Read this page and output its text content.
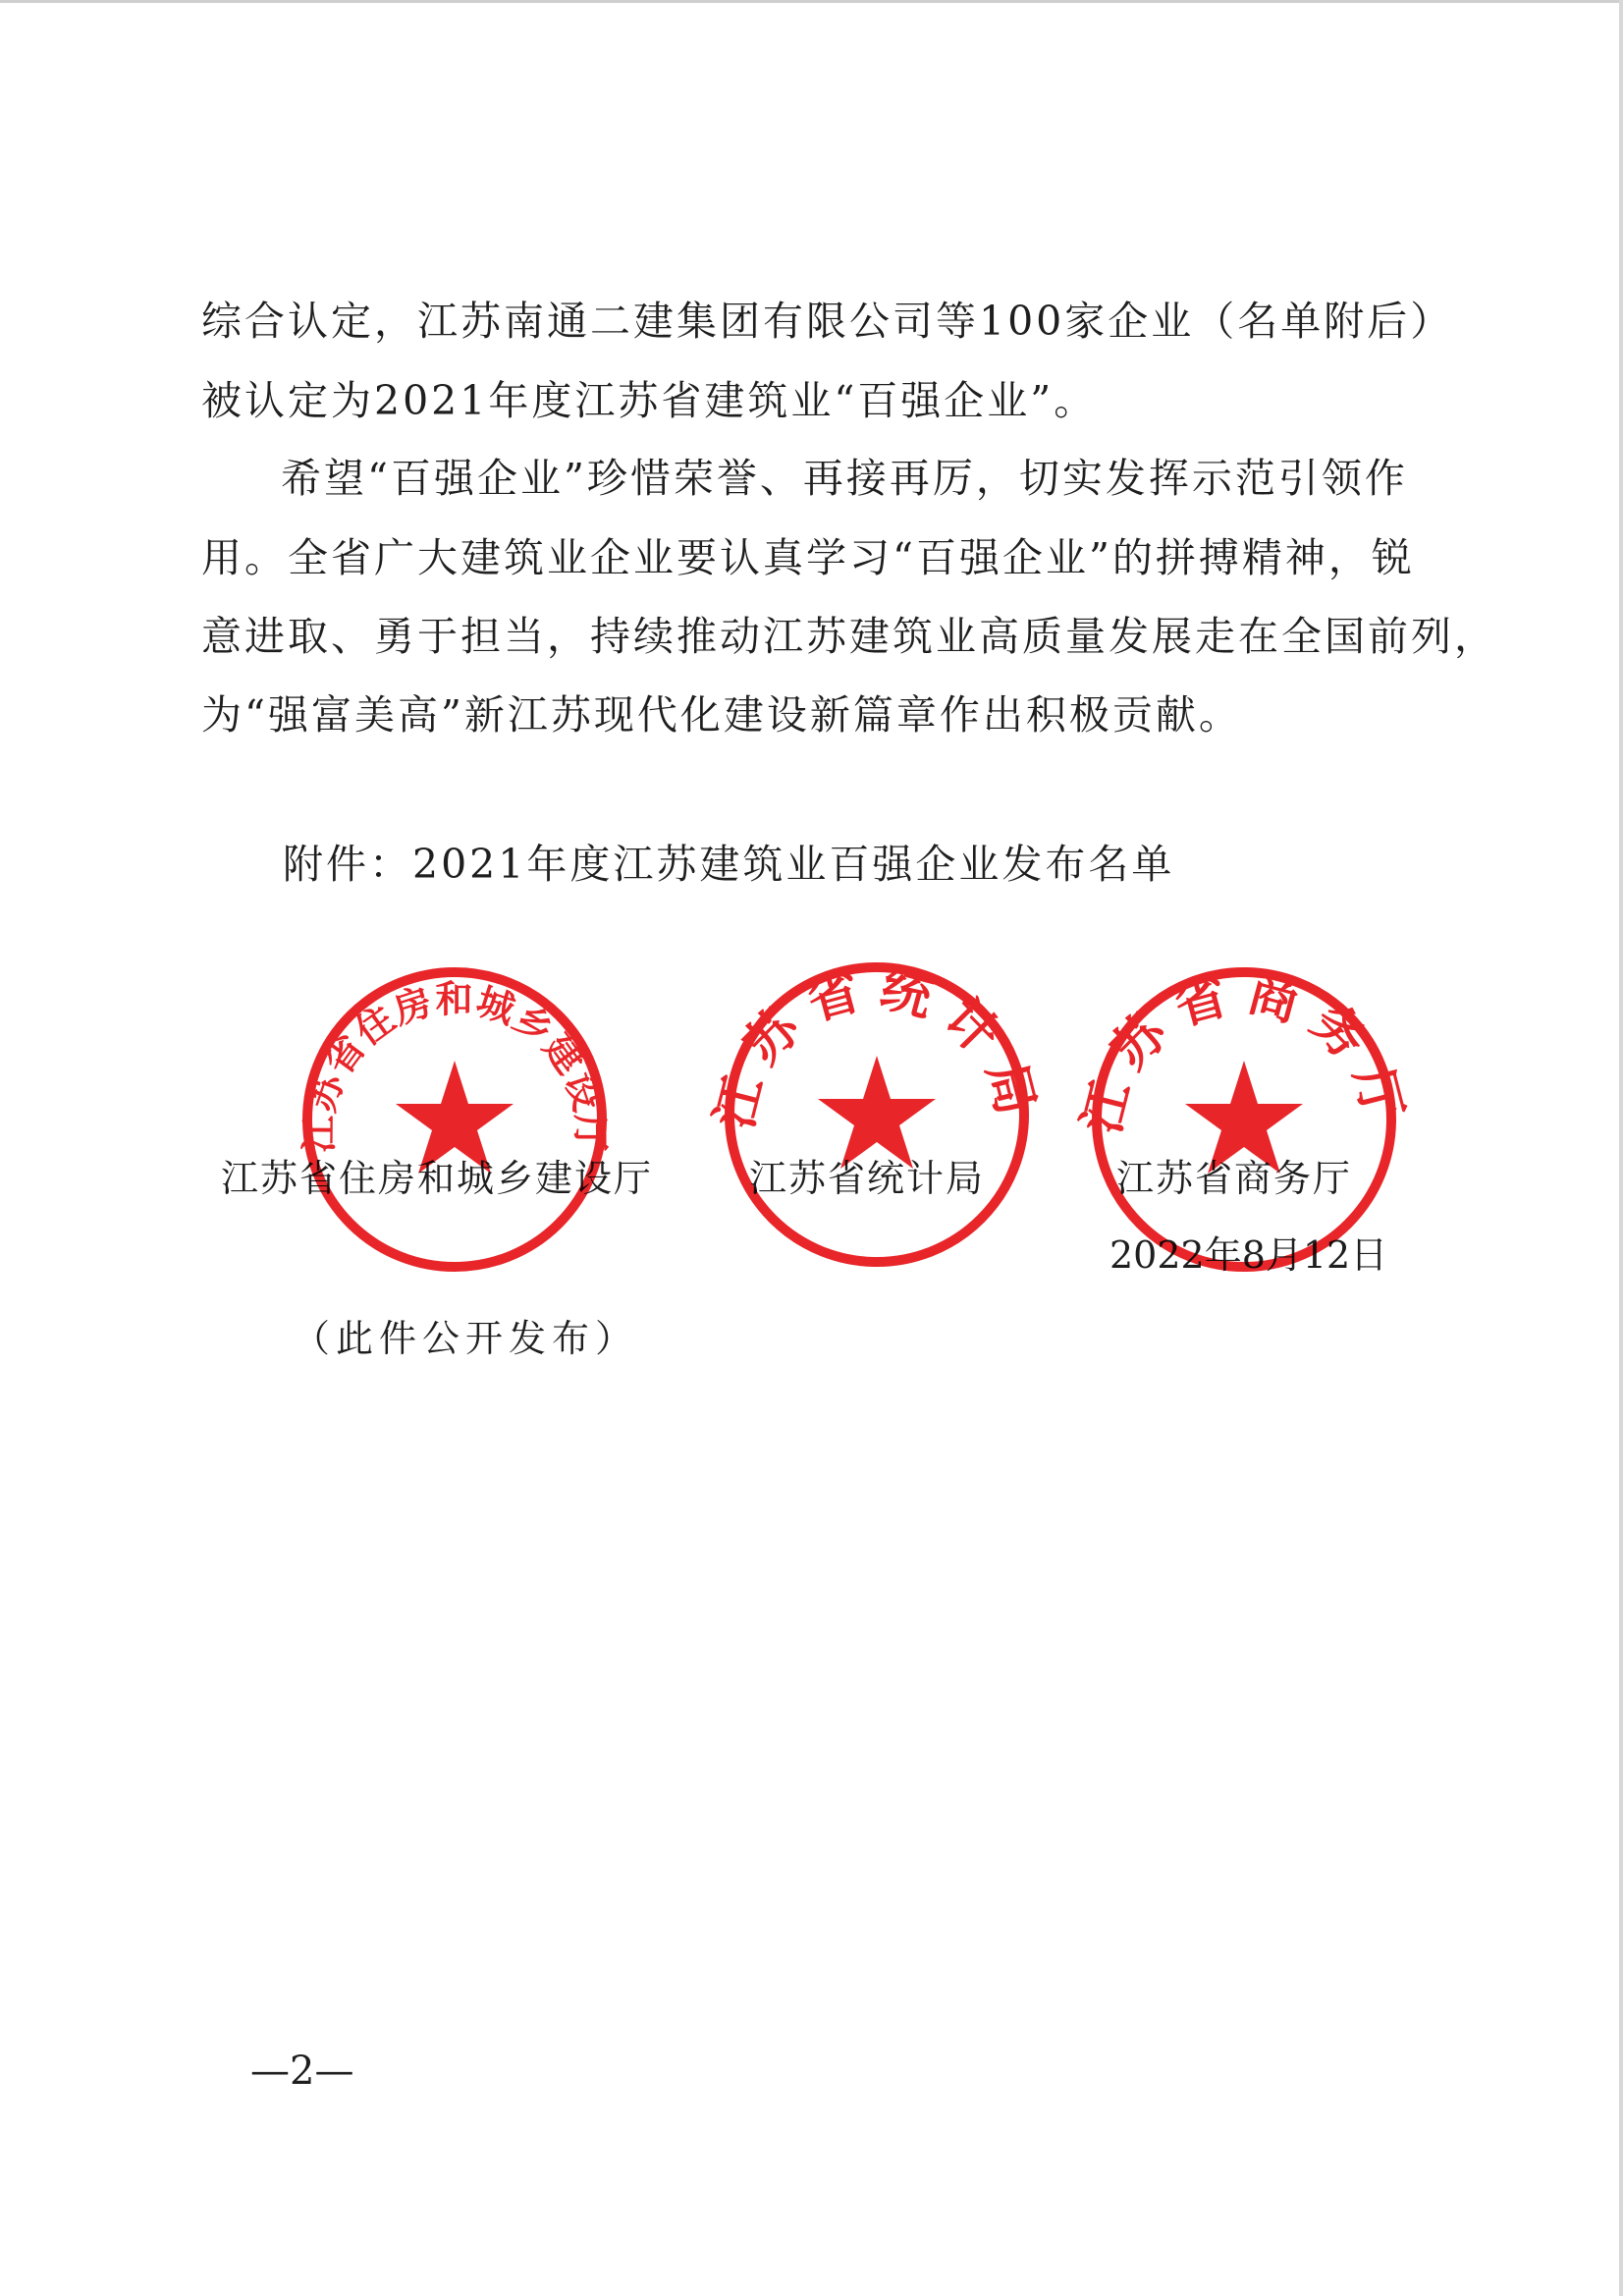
综合认定，江苏南通二建集团有限公司等100家企业（名单附后）
被认定为2021年度江苏省建筑业“百强企业”。
希望“百强企业”珍惜荣誉、再接再厉，切实发挥示范引领作
用。全省广大建筑业企业要认真学习“百强企业”的拼搏精神，锐
意进取、勇于担当，持续推动江苏建筑业高质量发展走在全国前列，
为“强富美高”新江苏现代化建设新篇章作出积极贡献。
附件：2021年度江苏建筑业百强企业发布名单
江苏省住房和城乡建设厅	江苏省统计局	江苏省商务厅
2022年8月12日
江苏省住房和城乡建设厅 江苏省统计局 江苏省商务厅
（此件公开发布）
—2—
